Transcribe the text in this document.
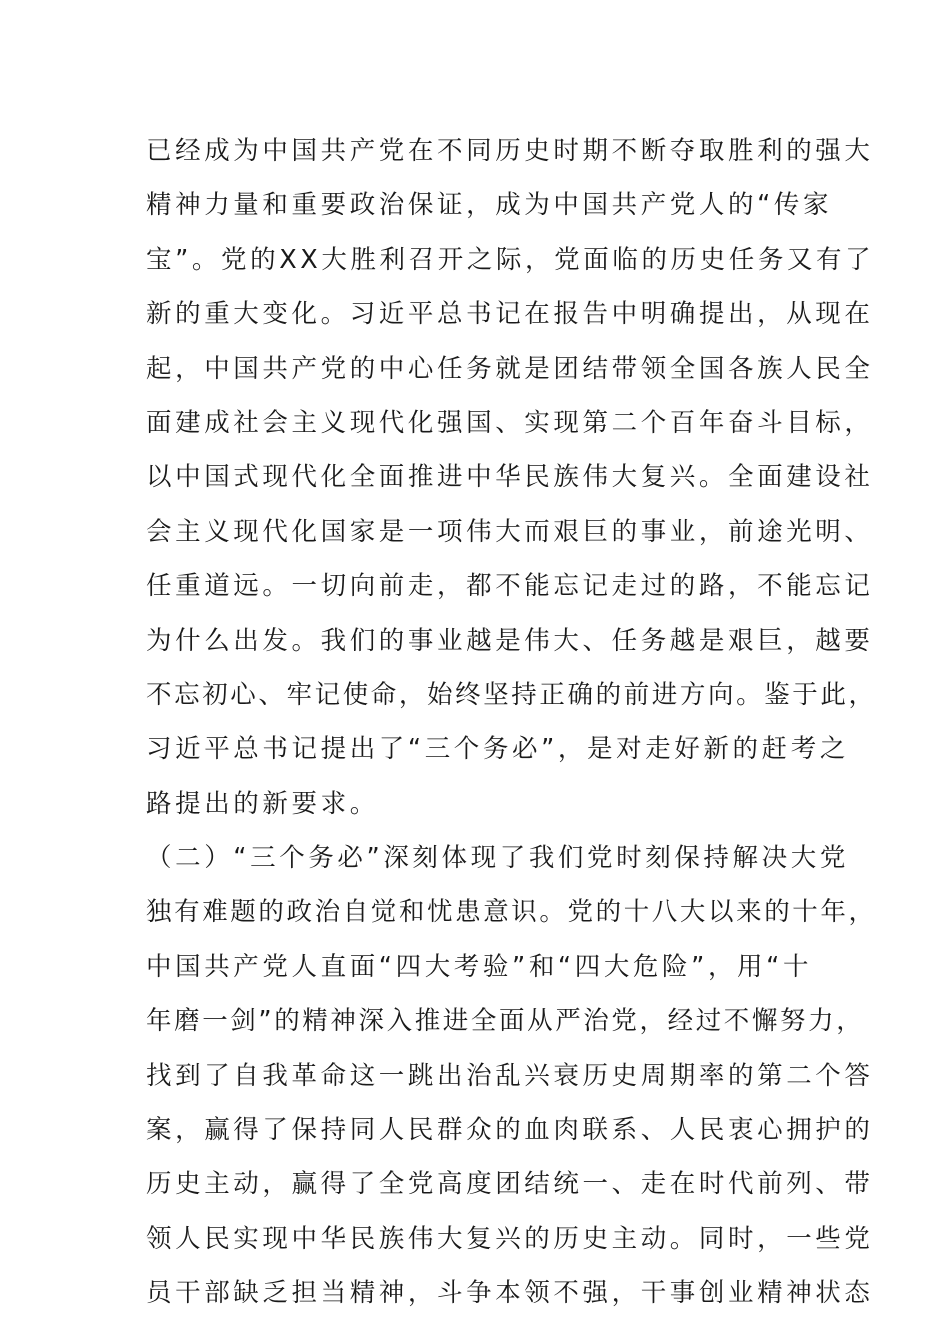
已经成为中国共产党在不同历史时期不断夺取胜利的强大
精神力量和重要政治保证，成为中国共产党人的“传家
宝”。党的XX大胜利召开之际，党面临的历史任务又有了
新的重大变化。习近平总书记在报告中明确提出，从现在
起，中国共产党的中心任务就是团结带领全国各族人民全
面建成社会主义现代化强国、实现第二个百年奋斗目标，
以中国式现代化全面推进中华民族伟大复兴。全面建设社
会主义现代化国家是一项伟大而艰巨的事业，前途光明、
任重道远。一切向前走，都不能忘记走过的路，不能忘记
为什么出发。我们的事业越是伟大、任务越是艰巨，越要
不忘初心、牢记使命，始终坚持正确的前进方向。鉴于此，
习近平总书记提出了“三个务必”，是对走好新的赶考之
路提出的新要求。
（二）“三个务必”深刻体现了我们党时刻保持解决大党
独有难题的政治自觉和忧患意识。党的十八大以来的十年，
中国共产党人直面“四大考验”和“四大危险”，用“十
年磨一剑”的精神深入推进全面从严治党，经过不懈努力，
找到了自我革命这一跳出治乱兴衰历史周期率的第二个答
案，赢得了保持同人民群众的血肉联系、人民衷心拥护的
历史主动，赢得了全党高度团结统一、走在时代前列、带
领人民实现中华民族伟大复兴的历史主动。同时，一些党
员干部缺乏担当精神，斗争本领不强，干事创业精神状态
